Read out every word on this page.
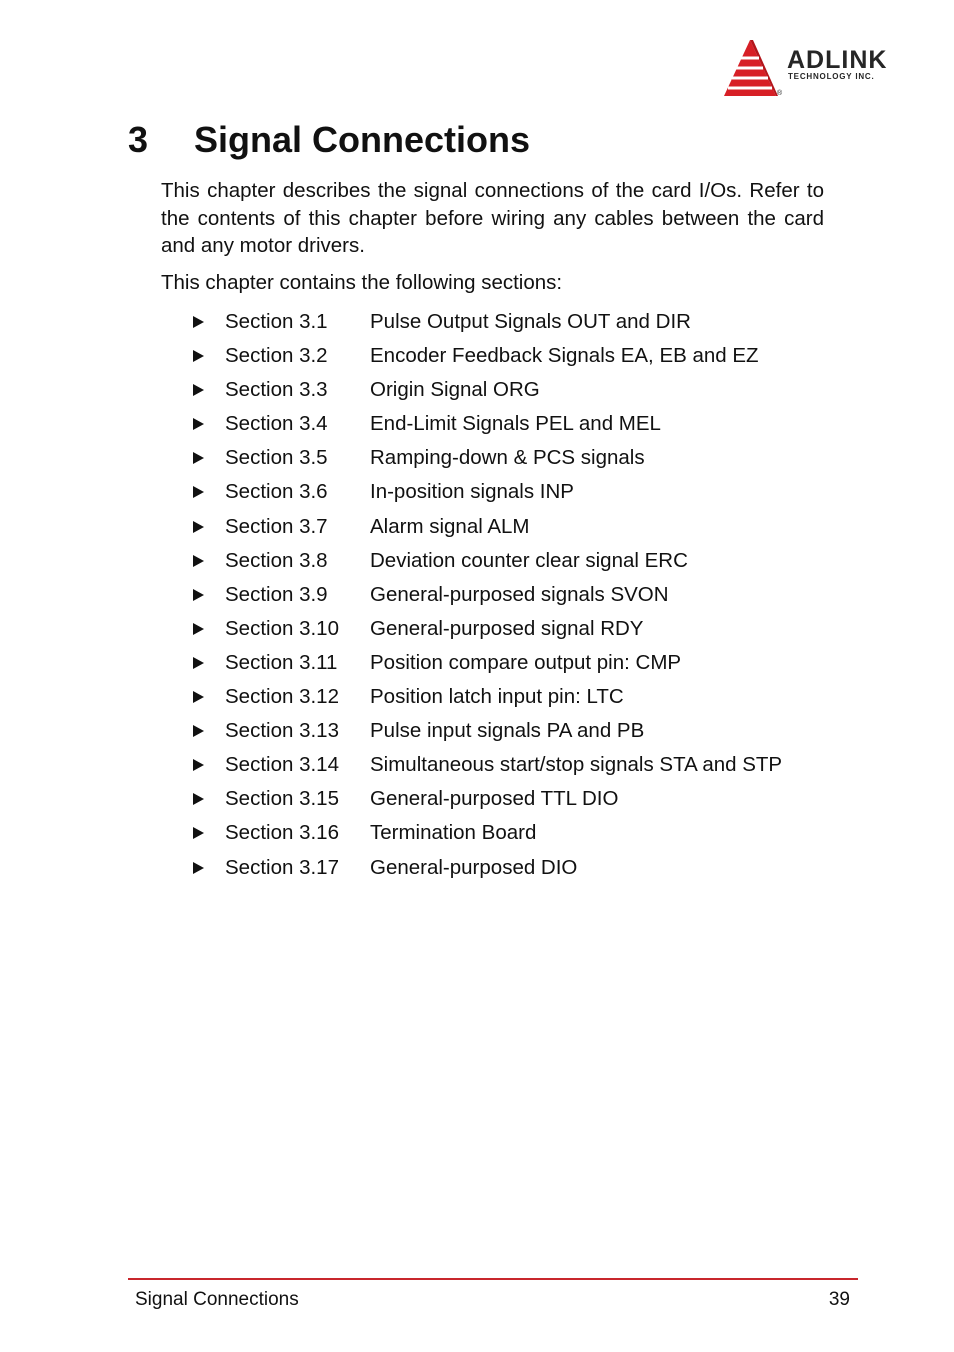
ADLINK
TECHNOLOGY INC.
®
3 Signal Connections

This chapter describes the signal connections of the card I/Os. Refer to the contents of this chapter before wiring any cables between the card and any motor drivers.

This chapter contains the following sections:

Section 3.1 Pulse Output Signals OUT and DIR
Section 3.2 Encoder Feedback Signals EA, EB and EZ
Section 3.3 Origin Signal ORG
Section 3.4 End-Limit Signals PEL and MEL
Section 3.5 Ramping-down & PCS signals
Section 3.6 In-position signals INP
Section 3.7 Alarm signal ALM
Section 3.8 Deviation counter clear signal ERC
Section 3.9 General-purposed signals SVON
Section 3.10 General-purposed signal RDY
Section 3.11 Position compare output pin: CMP
Section 3.12 Position latch input pin: LTC
Section 3.13 Pulse input signals PA and PB
Section 3.14 Simultaneous start/stop signals STA and STP
Section 3.15 General-purposed TTL DIO
Section 3.16 Termination Board
Section 3.17 General-purposed DIO
Signal Connections	39
